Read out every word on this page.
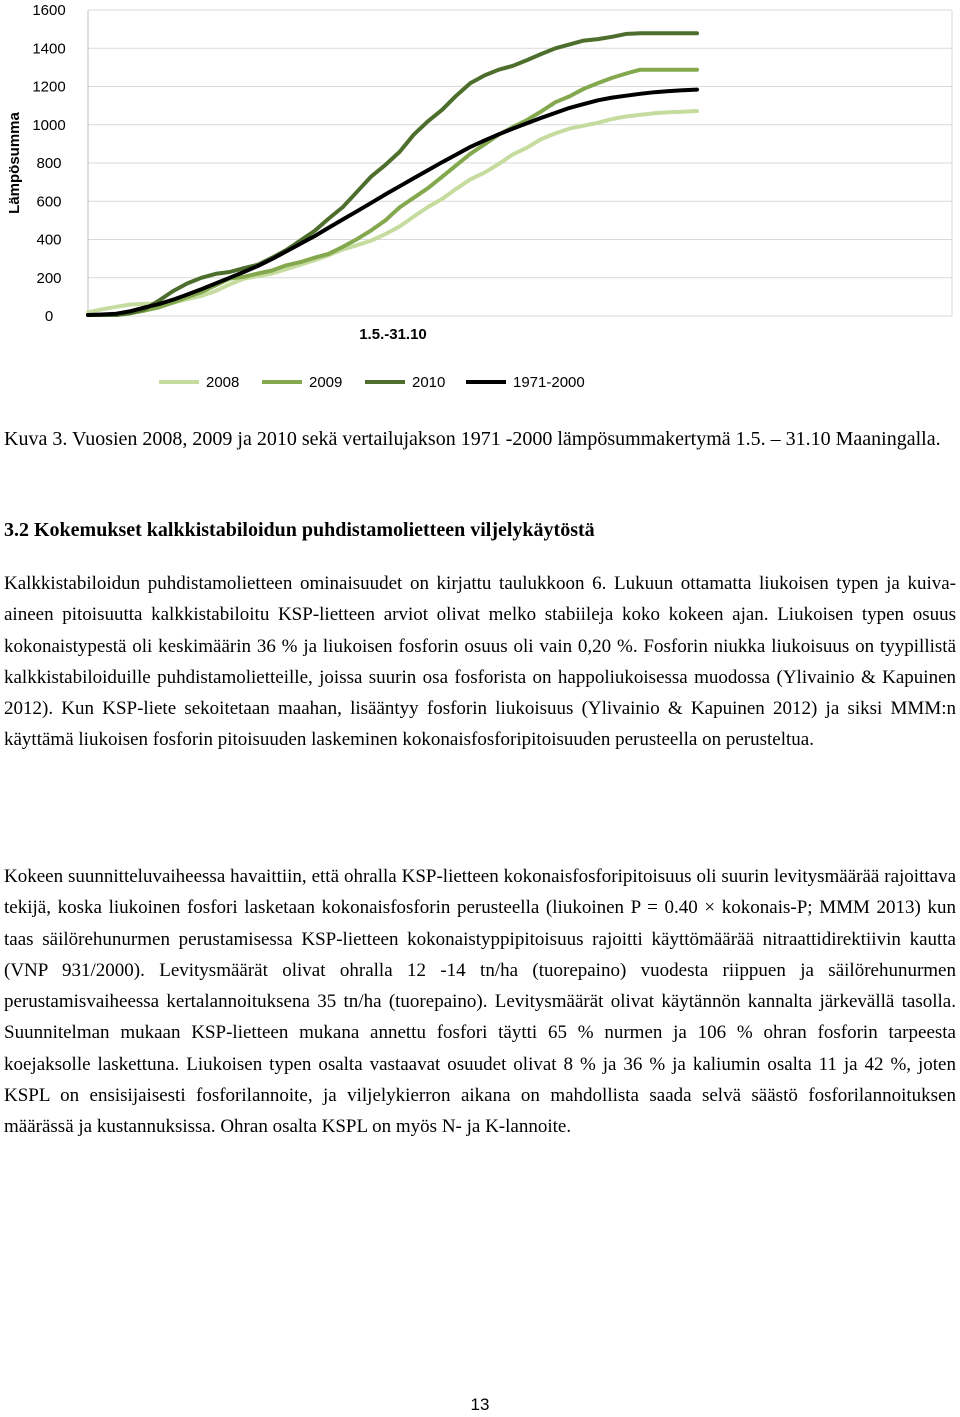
1600
1400
1200
1000
800
600
400
200
0
Lämpösumma
1.5.-31.10
2008	2009	2010	1971-2000

Kuva 3. Vuosien 2008, 2009 ja 2010 sekä vertailujakson 1971 -2000 lämpösummakertymä 1.5. – 31.10 Maaningalla.

3.2 Kokemukset kalkkistabiloidun puhdistamolietteen viljelykäytöstä

Kalkkistabiloidun puhdistamolietteen ominaisuudet on kirjattu taulukkoon 6. Lukuun ottamatta liukoisen typen ja kuiva-aineen pitoisuutta kalkkistabiloitu KSP-lietteen arviot olivat melko stabiileja koko kokeen ajan. Liukoisen typen osuus kokonaistypestä oli keskimäärin 36 % ja liukoisen fosforin osuus oli vain 0,20 %. Fosforin niukka liukoisuus on tyypillistä kalkkistabiloiduille puhdistamolietteille, joissa suurin osa fosforista on happoliukoisessa muodossa (Ylivainio & Kapuinen 2012). Kun KSP-liete sekoitetaan maahan, lisääntyy fosforin liukoisuus (Ylivainio & Kapuinen 2012) ja siksi MMM:n käyttämä liukoisen fosforin pitoisuuden laskeminen kokonaisfosforipitoisuuden perusteella on perusteltua.

Kokeen suunnitteluvaiheessa havaittiin, että ohralla KSP-lietteen kokonaisfosforipitoisuus oli suurin levitysmäärää rajoittava tekijä, koska liukoinen fosfori lasketaan kokonaisfosforin perusteella (liukoinen P = 0.40 × kokonais-P; MMM 2013) kun taas säilörehunurmen perustamisessa KSP-lietteen kokonaistyppipitoisuus rajoitti käyttömäärää nitraattidirektiivin kautta (VNP 931/2000). Levitysmäärät olivat ohralla 12 -14 tn/ha (tuorepaino) vuodesta riippuen ja säilörehunurmen perustamisvaiheessa kertalannoituksena 35 tn/ha (tuorepaino). Levitysmäärät olivat käytännön kannalta järkevällä tasolla. Suunnitelman mukaan KSP-lietteen mukana annettu fosfori täytti 65 % nurmen ja 106 % ohran fosforin tarpeesta koejaksolle laskettuna. Liukoisen typen osalta vastaavat osuudet olivat 8 % ja 36 % ja kaliumin osalta 11 ja 42 %, joten KSPL on ensisijaisesti fosforilannoite, ja viljelykierron aikana on mahdollista saada selvä säästö fosforilannoituksen määrässä ja kustannuksissa. Ohran osalta KSPL on myös N- ja K-lannoite.

13
